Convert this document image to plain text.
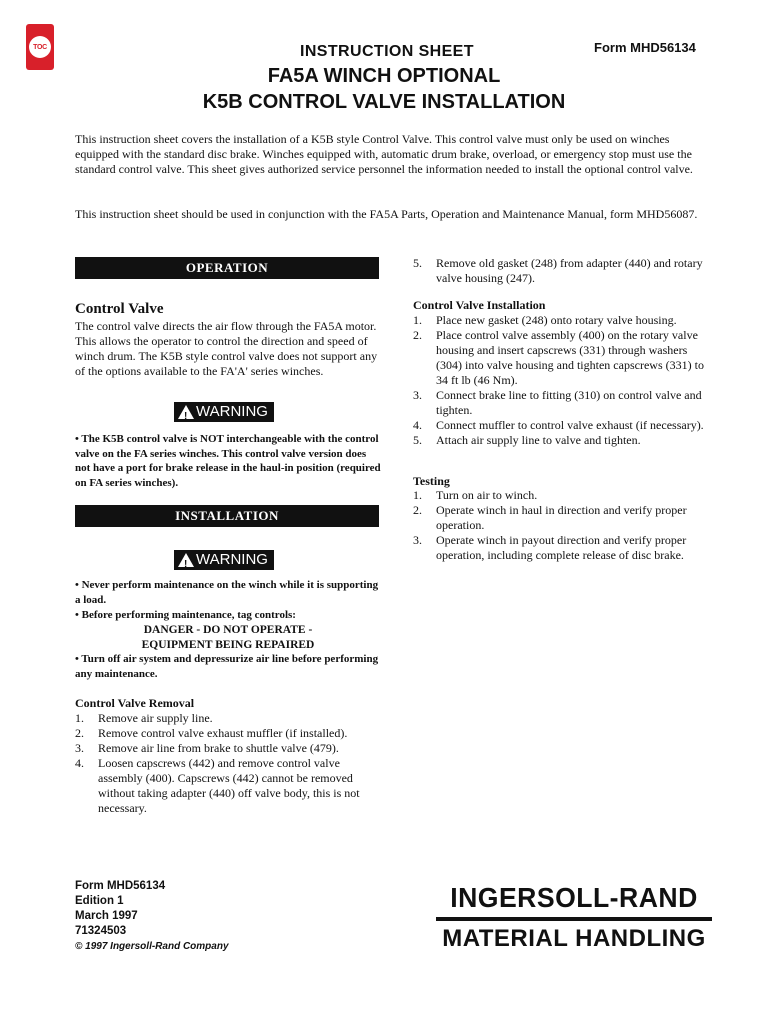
TOC	INSTRUCTION SHEET	Form MHD56134
FA5A WINCH OPTIONAL
K5B CONTROL VALVE INSTALLATION
This instruction sheet covers the installation of a K5B style Control Valve. This control valve must only be used on winches equipped with the standard disc brake. Winches equipped with, automatic drum brake, overload, or emergency stop must use the standard control valve. This sheet gives authorized service personnel the information needed to install the optional control valve.
This instruction sheet should be used in conjunction with the FA5A Parts, Operation and Maintenance Manual, form MHD56087.
OPERATION
Control Valve
The control valve directs the air flow through the FA5A motor. This allows the operator to control the direction and speed of winch drum. The K5B style control valve does not support any of the options available to the FA'A' series winches.
! WARNING
• The K5B control valve is NOT interchangeable with the control valve on the FA series winches. This control valve version does not have a port for brake release in the haul-in position (required on FA series winches).
INSTALLATION
! WARNING
• Never perform maintenance on the winch while it is supporting a load.
• Before performing maintenance, tag controls:
DANGER - DO NOT OPERATE -
EQUIPMENT BEING REPAIRED
• Turn off air system and depressurize air line before performing any maintenance.
Control Valve Removal
1. Remove air supply line.
2. Remove control valve exhaust muffler (if installed).
3. Remove air line from brake to shuttle valve (479).
4. Loosen capscrews (442) and remove control valve assembly (400). Capscrews (442) cannot be removed without taking adapter (440) off valve body, this is not necessary.
5. Remove old gasket (248) from adapter (440) and rotary valve housing (247).
Control Valve Installation
1. Place new gasket (248) onto rotary valve housing.
2. Place control valve assembly (400) on the rotary valve housing and insert capscrews (331) through washers (304) into valve housing and tighten capscrews (331) to 34 ft lb (46 Nm).
3. Connect brake line to fitting (310) on control valve and tighten.
4. Connect muffler to control valve exhaust (if necessary).
5. Attach air supply line to valve and tighten.
Testing
1. Turn on air to winch.
2. Operate winch in haul in direction and verify proper operation.
3. Operate winch in payout direction and verify proper operation, including complete release of disc brake.
Form MHD56134
Edition 1
March 1997
71324503
© 1997 Ingersoll-Rand Company
INGERSOLL-RAND
MATERIAL HANDLING
